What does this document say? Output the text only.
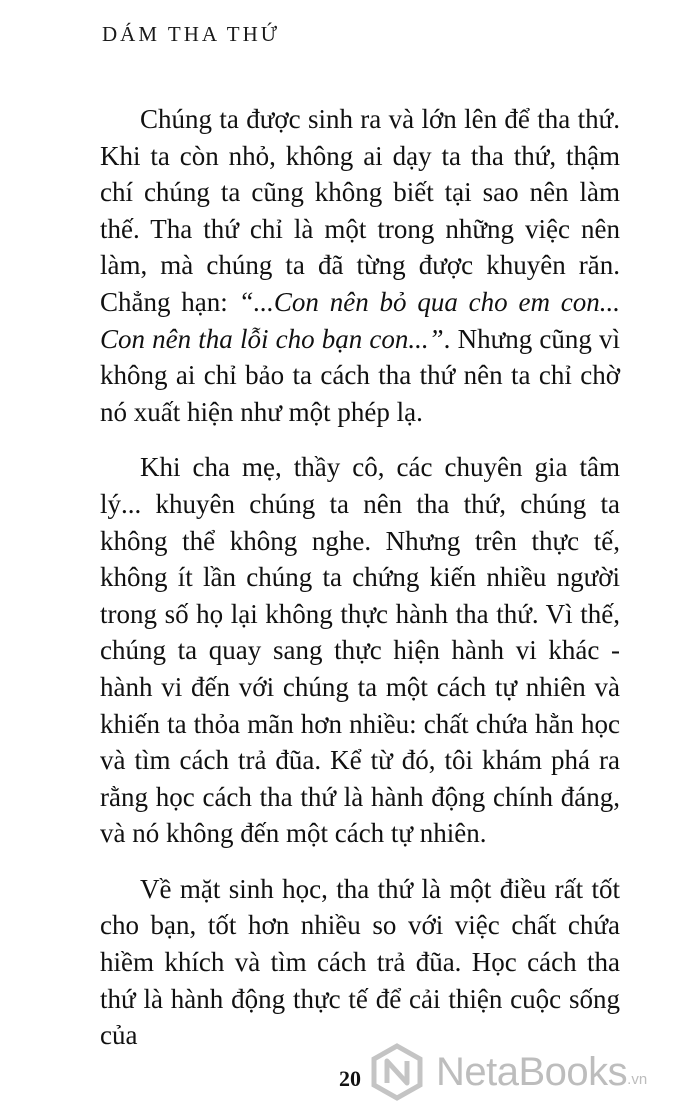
DÁM THA THỨ

Chúng ta được sinh ra và lớn lên để tha thứ. Khi ta còn nhỏ, không ai dạy ta tha thứ, thậm chí chúng ta cũng không biết tại sao nên làm thế. Tha thứ chỉ là một trong những việc nên làm, mà chúng ta đã từng được khuyên răn. Chẳng hạn: “...Con nên bỏ qua cho em con... Con nên tha lỗi cho bạn con...”. Nhưng cũng vì không ai chỉ bảo ta cách tha thứ nên ta chỉ chờ nó xuất hiện như một phép lạ.

Khi cha mẹ, thầy cô, các chuyên gia tâm lý... khuyên chúng ta nên tha thứ, chúng ta không thể không nghe. Nhưng trên thực tế, không ít lần chúng ta chứng kiến nhiều người trong số họ lại không thực hành tha thứ. Vì thế, chúng ta quay sang thực hiện hành vi khác - hành vi đến với chúng ta một cách tự nhiên và khiến ta thỏa mãn hơn nhiều: chất chứa hằn học và tìm cách trả đũa. Kể từ đó, tôi khám phá ra rằng học cách tha thứ là hành động chính đáng, và nó không đến một cách tự nhiên.

Về mặt sinh học, tha thứ là một điều rất tốt cho bạn, tốt hơn nhiều so với việc chất chứa hiềm khích và tìm cách trả đũa. Học cách tha thứ là hành động thực tế để cải thiện cuộc sống của

20 NetaBooks .vn
